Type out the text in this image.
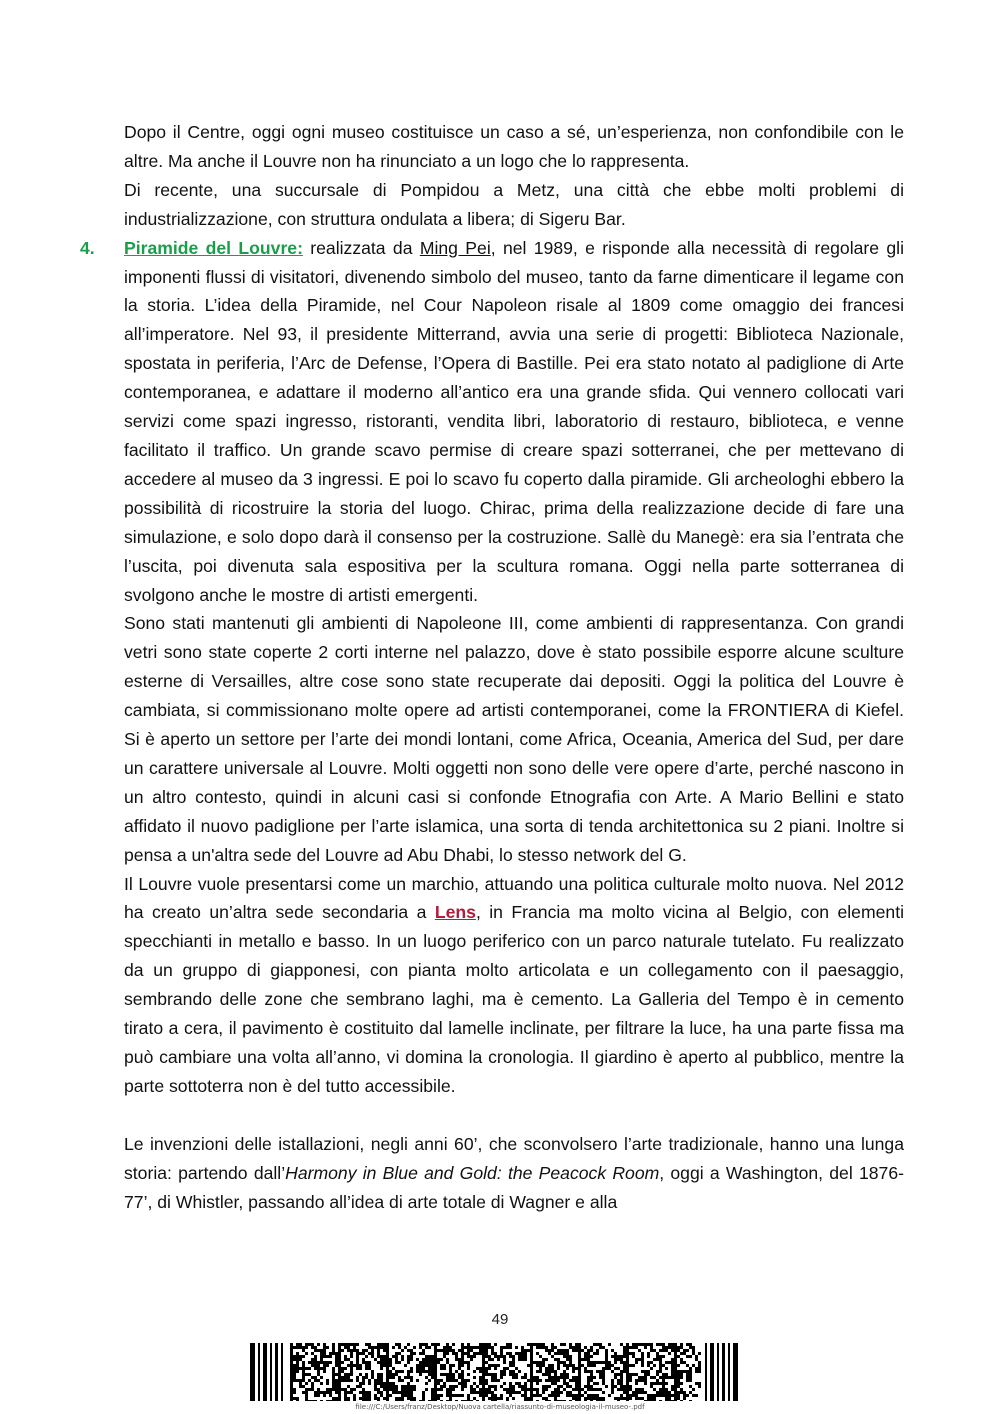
Dopo il Centre, oggi ogni museo costituisce un caso a sé, un’esperienza, non confondibile con le altre. Ma anche il Louvre non ha rinunciato a un logo che lo rappresenta.
Di recente, una succursale di Pompidou a Metz, una città che ebbe molti problemi di industrializzazione, con struttura ondulata a libera; di Sigeru Bar.

4. Piramide del Louvre: realizzata da Ming Pei, nel 1989, e risponde alla necessità di regolare gli imponenti flussi di visitatori, divenendo simbolo del museo, tanto da farne dimenticare il legame con la storia. L’idea della Piramide, nel Cour Napoleon risale al 1809 come omaggio dei francesi all’imperatore. Nel 93, il presidente Mitterrand, avvia una serie di progetti: Biblioteca Nazionale, spostata in periferia, l’Arc de Defense, l’Opera di Bastille. Pei era stato notato al padiglione di Arte contemporanea, e adattare il moderno all’antico era una grande sfida. Qui vennero collocati vari servizi come spazi ingresso, ristoranti, vendita libri, laboratorio di restauro, biblioteca, e venne facilitato il traffico. Un grande scavo permise di creare spazi sotterranei, che per mettevano di accedere al museo da 3 ingressi. E poi lo scavo fu coperto dalla piramide. Gli archeologhi ebbero la possibilità di ricostruire la storia del luogo. Chirac, prima della realizzazione decide di fare una simulazione, e solo dopo darà il consenso per la costruzione. Sallè du Manegè: era sia l’entrata che l’uscita, poi divenuta sala espositiva per la scultura romana. Oggi nella parte sotterranea di svolgono anche le mostre di artisti emergenti.

Sono stati mantenuti gli ambienti di Napoleone III, come ambienti di rappresentanza. Con grandi vetri sono state coperte 2 corti interne nel palazzo, dove è stato possibile esporre alcune sculture esterne di Versailles, altre cose sono state recuperate dai depositi. Oggi la politica del Louvre è cambiata, si commissionano molte opere ad artisti contemporanei, come la FRONTIERA di Kiefel. Si è aperto un settore per l’arte dei mondi lontani, come Africa, Oceania, America del Sud, per dare un carattere universale al Louvre. Molti oggetti non sono delle vere opere d’arte, perché nascono in un altro contesto, quindi in alcuni casi si confonde Etnografia con Arte. A Mario Bellini e stato affidato il nuovo padiglione per l’arte islamica, una sorta di tenda architettonica su 2 piani. Inoltre si pensa a un'altra sede del Louvre ad Abu Dhabi, lo stesso network del G.

Il Louvre vuole presentarsi come un marchio, attuando una politica culturale molto nuova. Nel 2012 ha creato un’altra sede secondaria a Lens, in Francia ma molto vicina al Belgio, con elementi specchianti in metallo e basso. In un luogo periferico con un parco naturale tutelato. Fu realizzato da un gruppo di giapponesi, con pianta molto articolata e un collegamento con il paesaggio, sembrando delle zone che sembrano laghi, ma è cemento. La Galleria del Tempo è in cemento tirato a cera, il pavimento è costituito dal lamelle inclinate, per filtrare la luce, ha una parte fissa ma può cambiare una volta all’anno, vi domina la cronologia. Il giardino è aperto al pubblico, mentre la parte sottoterra non è del tutto accessibile.

Le invenzioni delle istallazioni, negli anni 60’, che sconvolsero l’arte tradizionale, hanno una lunga storia: partendo dall’Harmony in Blue and Gold: the Peacock Room, oggi a Washington, del 1876- 77’, di Whistler, passando all’idea di arte totale di Wagner e alla

49
file:///C:/Users/franz/Desktop/Nuova cartella/riassunto-di-museologia-il-museo-.pdf
